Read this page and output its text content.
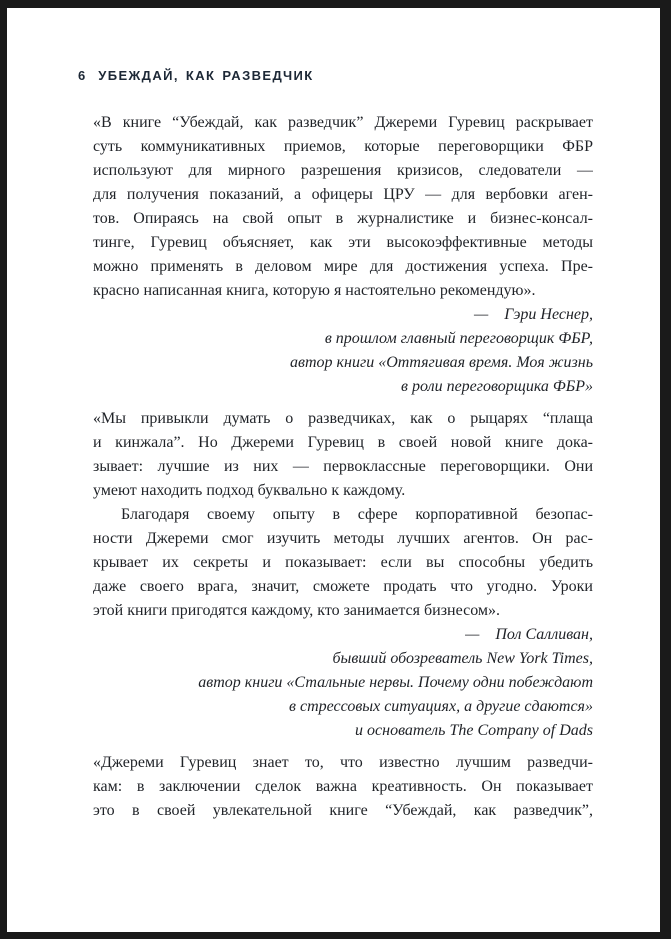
6 УБЕЖДАЙ, КАК РАЗВЕДЧИК
«В книге “Убеждай, как разведчик” Джереми Гуревиц раскрывает
суть коммуникативных приемов, которые переговорщики ФБР
используют для мирного разрешения кризисов, следователи —
для получения показаний, а офицеры ЦРУ — для вербовки аген-
тов. Опираясь на свой опыт в журналистике и бизнес-консал-
тинге, Гуревиц объясняет, как эти высокоэффективные методы
можно применять в деловом мире для достижения успеха. Пре-
красно написанная книга, которую я настоятельно рекомендую».
— Гэри Неснер,
в прошлом главный переговорщик ФБР,
автор книги «Оттягивая время. Моя жизнь
в роли переговорщика ФБР»
«Мы привыкли думать о разведчиках, как о рыцарях “плаща
и кинжала”. Но Джереми Гуревиц в своей новой книге дока-
зывает: лучшие из них — первоклассные переговорщики. Они
умеют находить подход буквально к каждому.
Благодаря своему опыту в сфере корпоративной безопас-
ности Джереми смог изучить методы лучших агентов. Он рас-
крывает их секреты и показывает: если вы способны убедить
даже своего врага, значит, сможете продать что угодно. Уроки
этой книги пригодятся каждому, кто занимается бизнесом».
— Пол Салливан,
бывший обозреватель New York Times,
автор книги «Стальные нервы. Почему одни побеждают
в стрессовых ситуациях, а другие сдаются»
и основатель The Company of Dads
«Джереми Гуревиц знает то, что известно лучшим разведчи-
кам: в заключении сделок важна креативность. Он показывает
это в своей увлекательной книге “Убеждай, как разведчик”,
